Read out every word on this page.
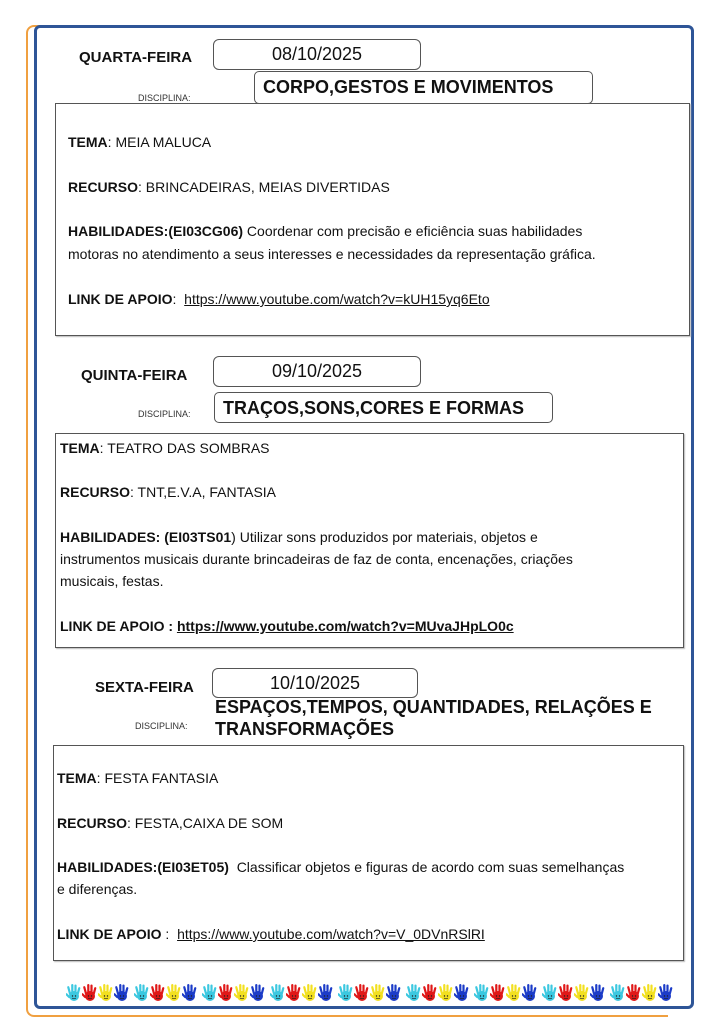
QUARTA-FEIRA	08/10/2025
DISCIPLINA:
CORPO,GESTOS E MOVIMENTOS
TEMA: MEIA MALUCA
RECURSO: BRINCADEIRAS, MEIAS DIVERTIDAS
HABILIDADES:(EI03CG06) Coordenar com precisão e eficiência suas habilidades
motoras no atendimento a seus interesses e necessidades da representação gráfica.
LINK DE APOIO:  https://www.youtube.com/watch?v=kUH15yq6Eto
QUINTA-FEIRA	09/10/2025
DISCIPLINA:	TRAÇOS,SONS,CORES E FORMAS
TEMA: TEATRO DAS SOMBRAS
RECURSO: TNT,E.V.A, FANTASIA
HABILIDADES: (EI03TS01) Utilizar sons produzidos por materiais, objetos e
instrumentos musicais durante brincadeiras de faz de conta, encenações, criações
musicais, festas.
LINK DE APOIO : https://www.youtube.com/watch?v=MUvaJHpLO0c
SEXTA-FEIRA	10/10/2025
DISCIPLINA:
ESPAÇOS,TEMPOS, QUANTIDADES, RELAÇÕES E
TRANSFORMAÇÕES
TEMA: FESTA FANTASIA
RECURSO: FESTA,CAIXA DE SOM
HABILIDADES:(EI03ET05)  Classificar objetos e figuras de acordo com suas semelhanças
e diferenças.
LINK DE APOIO :  https://www.youtube.com/watch?v=V_0DVnRSlRI
